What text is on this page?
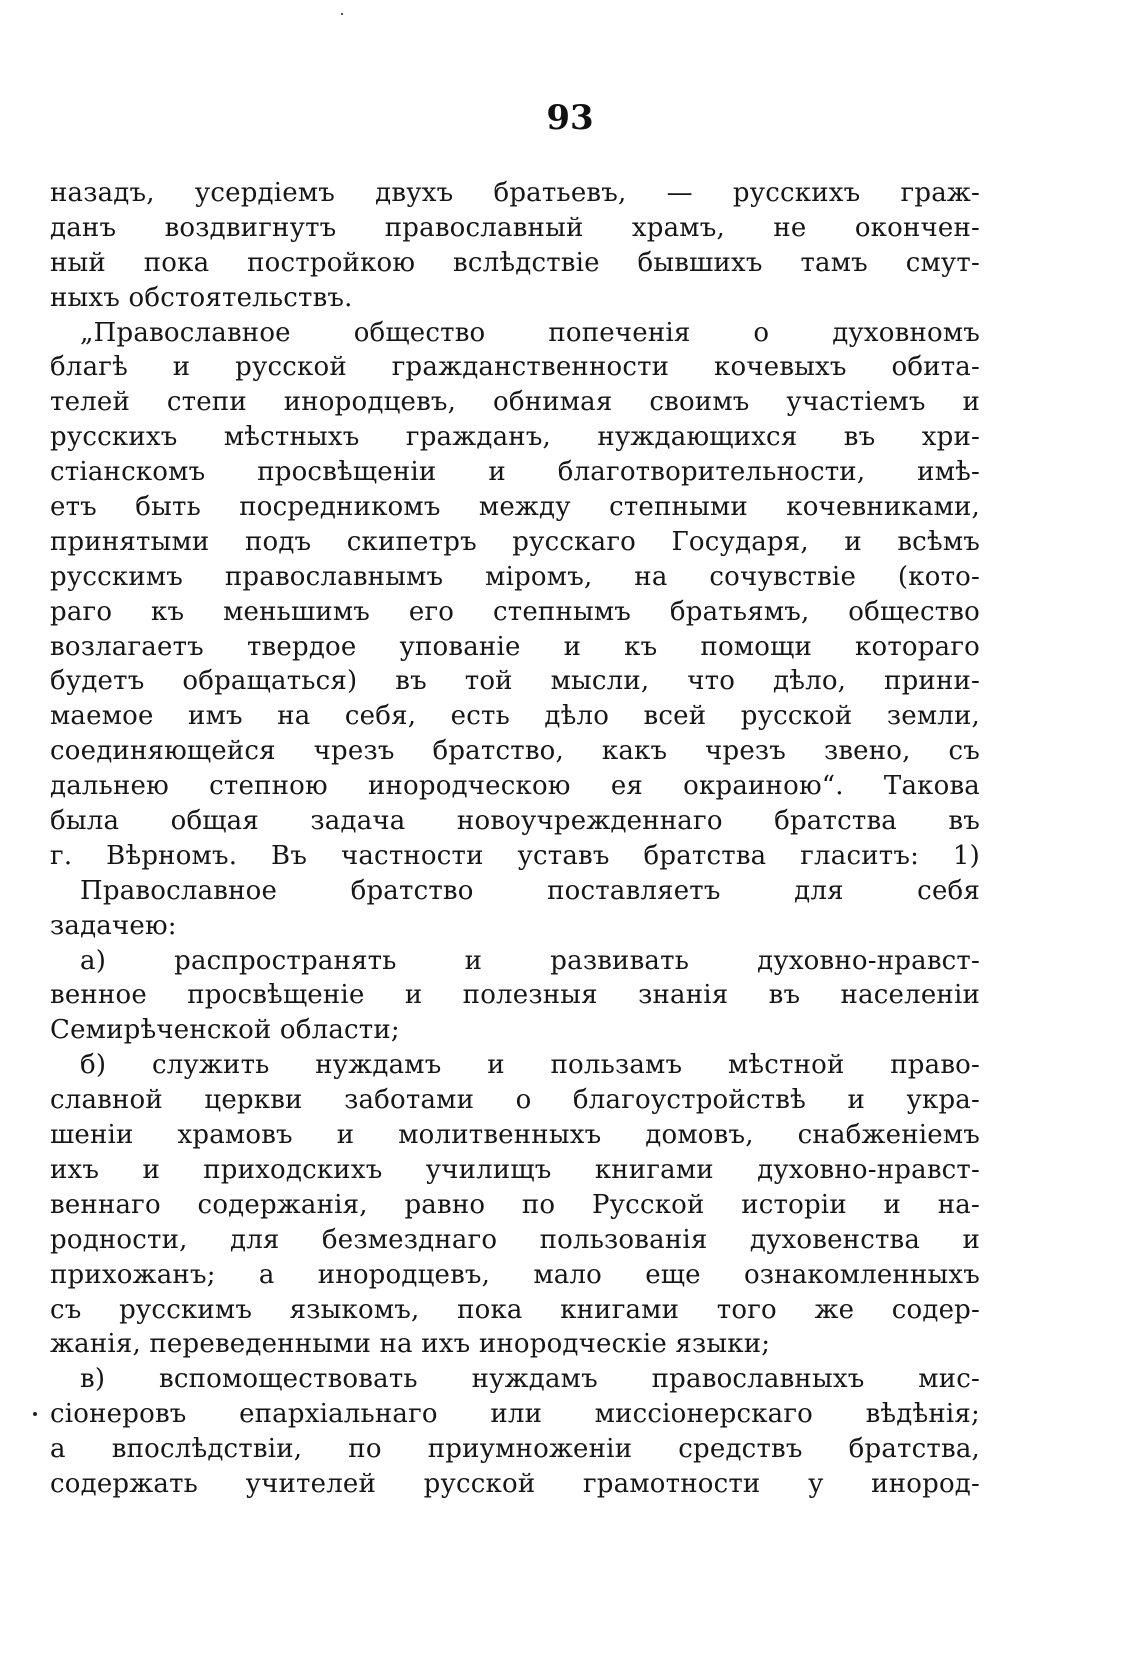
93
назадъ, усердіемъ двухъ братьевъ, — русскихъ граж-
данъ воздвигнутъ православный храмъ, не окончен-
ный пока постройкою вслѣдствіе бывшихъ тамъ смут-
ныхъ обстоятельствъ.
„Православное общество попеченія о духовномъ
благѣ и русской гражданственности кочевыхъ обита-
телей степи инородцевъ, обнимая своимъ участіемъ и
русскихъ мѣстныхъ гражданъ, нуждающихся въ хри-
стіанскомъ просвѣщеніи и благотворительности, имѣ-
етъ быть посредникомъ между степными кочевниками,
принятыми подъ скипетръ русскаго Государя, и всѣмъ
русскимъ православнымъ міромъ, на сочувствіе (кото-
раго къ меньшимъ его степнымъ братьямъ, общество
возлагаетъ твердое упованіе и къ помощи котораго
будетъ обращаться) въ той мысли, что дѣло, прини-
маемое имъ на себя, есть дѣло всей русской земли,
соединяющейся чрезъ братство, какъ чрезъ звено, съ
дальнею степною инородческою ея окраиною“. Такова
была общая задача новоучрежденнаго братства въ
г. Вѣрномъ. Въ частности уставъ братства гласитъ: 1)
Православное братство поставляетъ для себя
задачею:
а) распространять и развивать духовно-нравст-
венное просвѣщеніе и полезныя знанія въ населеніи
Семирѣченской области;
б) служить нуждамъ и пользамъ мѣстной право-
славной церкви заботами о благоустройствѣ и укра-
шеніи храмовъ и молитвенныхъ домовъ, снабженіемъ
ихъ и приходскихъ училищъ книгами духовно-нравст-
веннаго содержанія, равно по Русской исторіи и на-
родности, для безмезднаго пользованія духовенства и
прихожанъ; а инородцевъ, мало еще ознакомленныхъ
съ русскимъ языкомъ, пока книгами того же содер-
жанія, переведенными на ихъ инородческіе языки;
в) вспомоществовать нуждамъ православныхъ мис-
сіонеровъ епархіальнаго или миссіонерскаго вѣдѣнія;
а впослѣдствіи, по приумноженіи средствъ братства,
содержать учителей русской грамотности у инород-
